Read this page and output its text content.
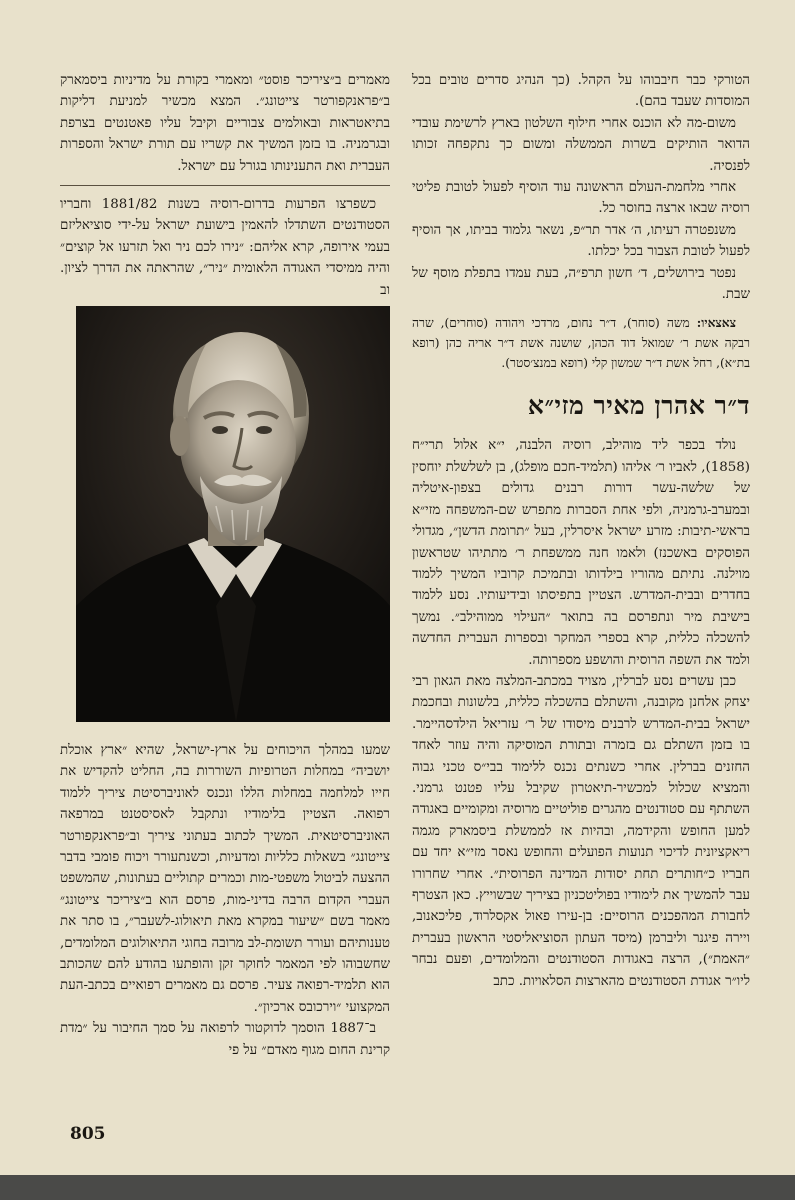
הטורקי כבר חיבבוהו על הקהל. (כך הנהיג סדרים טובים בכל המוסדות שעבד בהם).

משום-מה לא הוכנס אחרי חילוף השלטון בארץ לרשימת עובדי הדואר הותיקים בשרות הממשלה ומשום כך נתקפחה זכותו לפנסיה.

אחרי מלחמת-העולם הראשונה עוד הוסיף לפעול לטובת פליטי רוסיה שבאו ארצה בחוסר כל.

משנפטרה רעיתו, ה׳ אדר תר״פ, נשאר גלמוד בביתו, אך הוסיף לפעול לטובת הצבור בכל יכלתו.

נפטר בירושלים, ד׳ חשון תרפ״ה, בעת עמדו בתפלת מוסף של שבת.

צאצאיו: משה (סוחר), ד״ר נחום, מרדכי ויהודה (סוחרים), שרה רבקה אשת ר׳ שמואל דוד הכהן, שושנה אשת ד״ר אריה כהן (רופא בת״א), רחל אשת ד״ר שמשון קלי (רופא במנצ׳סטר).

ד״ר אהרן מאיר מזי״א

נולד בכפר ליד מוהילב, רוסיה הלבנה, י״א אלול תרי״ח (1858), לאביו ר׳ אליהו (תלמיד-חכם מופלג), בן לשלשלת יוחסין של שלשה-עשר דורות רבנים גדולים בצפון-איטליה ובמערב-גרמניה, ולפי אחת הסברות מתפרש שם-המשפחה מזי״א בראשי-תיבות: מזרע ישראל איסרלין, בעל ״תרומת הדשן״, מגדולי הפוסקים באשכנז) ולאמו חנה ממשפחת ר׳ מתתיהו שטראשון מוילנה. נתיתם מהוריו בילדותו ובתמיכת קרוביו המשיך ללמוד בחדרים ובבית-המדרש. הצטיין בתפיסתו ובידיעותיו. נסע ללמוד בישיבת מיר ונתפרסם בה בתואר ״העילוי ממוהילב״. נמשך להשכלה כללית, קרא בספרי המחקר ובספרות העברית החדשה ולמד את השפה הרוסית והושפע מספרותה.

כבן עשרים נסע לברלין, מצויד במכתב-המלצה מאת הגאון רבי יצחק אלחנן מקובנה, והשתלם בהשכלה כללית, בלשונות ובחכמת ישראל בבית-המדרש לרבנים מיסודו של ר׳ עזריאל הילדסהיימר. בו בזמן השתלם גם בזמרה ובתורת המוסיקה והיה עוזר לאחד החזנים בברלין. אחרי כשנתים נכנס ללימוד בבי״ס טכני גבוה והמציא שכלול למכשיר-תיאטרון שקיבל עליו פטנט גרמני. השתתף עם סטודנטים מהגרים פוליטיים מרוסיה ומקומיים באגודה למען החופש והקידמה, ובהיות אז לממשלת ביסמארק מגמה ריאקציונית לדיכוי תנועות הפועלים והחופש נאסר מזי״א יחד עם חבריו כ״חותרים תחת יסודות המדינה הפרוסית״. אחרי שחרורו עבר להמשיך את לימודיו בפוליטכניון בציריך שבשוייץ. כאן הצטרף לחבורת המהפכנים הרוסיים: בן-עירו פאול אקסלרוד, פליכאנוב, ויירה פיגנר וליברמן (מיסד העתון הסוציאליסטי הראשון בעברית ״האמת״), הרצה באגודות הסטודנטים והמלומדים, ופעם נבחר ליו״ר אגודת הסטודנטים מהארצות הסלאויות. כתב

מאמרים ב״ציריכר פוסט״ ומאמרי בקורת על מדיניות ביסמארק ב״פראנקפורטר צייטונג״. המצא מכשיר למניעת דליקות בתיאטראות ובאולמים צבוריים וקיבל עליו פאטנטים בצרפת ובגרמניה. בו בזמן המשיך את קשריו עם תורת ישראל והספרות העברית ואת התענינותו בגורל עם ישראל.

כשפרצו הפרעות בדרום-רוסיה בשנות 1881/82 וחבריו הסטודנטים השתדלו להאמין בישועת ישראל על-ידי סוציאליזם בעמי אירופה, קרא אליהם: ״נירו לכם ניר ואל תזרעו אל קוצים״ והיה ממיסדי האגודה הלאומית ״ניר״, שהראתה את הדרך לציון. וב

שמעו במהלך הויכוחים על ארץ-ישראל, שהיא ״ארץ אוכלת יושביה״ במחלות הטרופיות השוררות בה, החליט להקדיש את חייו למלחמה במחלות הללו ונכנס לאוניברסיטת ציריך ללמוד רפואה. הצטיין בלימודיו ונתקבל לאסיסטנט במרפאה האוניברסיטאית. המשיך לכתוב בעתוני ציריך וב״פראנקפורטר צייטונג״ בשאלות כלליות ומדעיות, וכשנתעורר ויכוח פומבי בדבר ההצעה לביטול משפטי-מות וכמרים קתוליים בעתונות, שהמשפט העברי הקדום הרבה בדיני-מות, פרסם הוא ב״ציריכר צייטונג״ מאמר בשם ״שיעור במקרא מאת תיאולוג-לשעבר״, בו סתר את טענותיהם ועורר תשומת-לב מרובה בחוגי התיאולוגים המלומדים, שחשבוהו לפי המאמר לחוקר זקן והופתעו בהודע להם שהכותב הוא תלמיד-רפואה צעיר. פרסם גם מאמרים רפואיים בכתב-העת המקצועי ״וירכובס ארכיון״.

ב־1887 הוסמך לדוקטור לרפואה על סמך החיבור על ״מדת קרינת החום מגוף מאדם״ על פי

805
